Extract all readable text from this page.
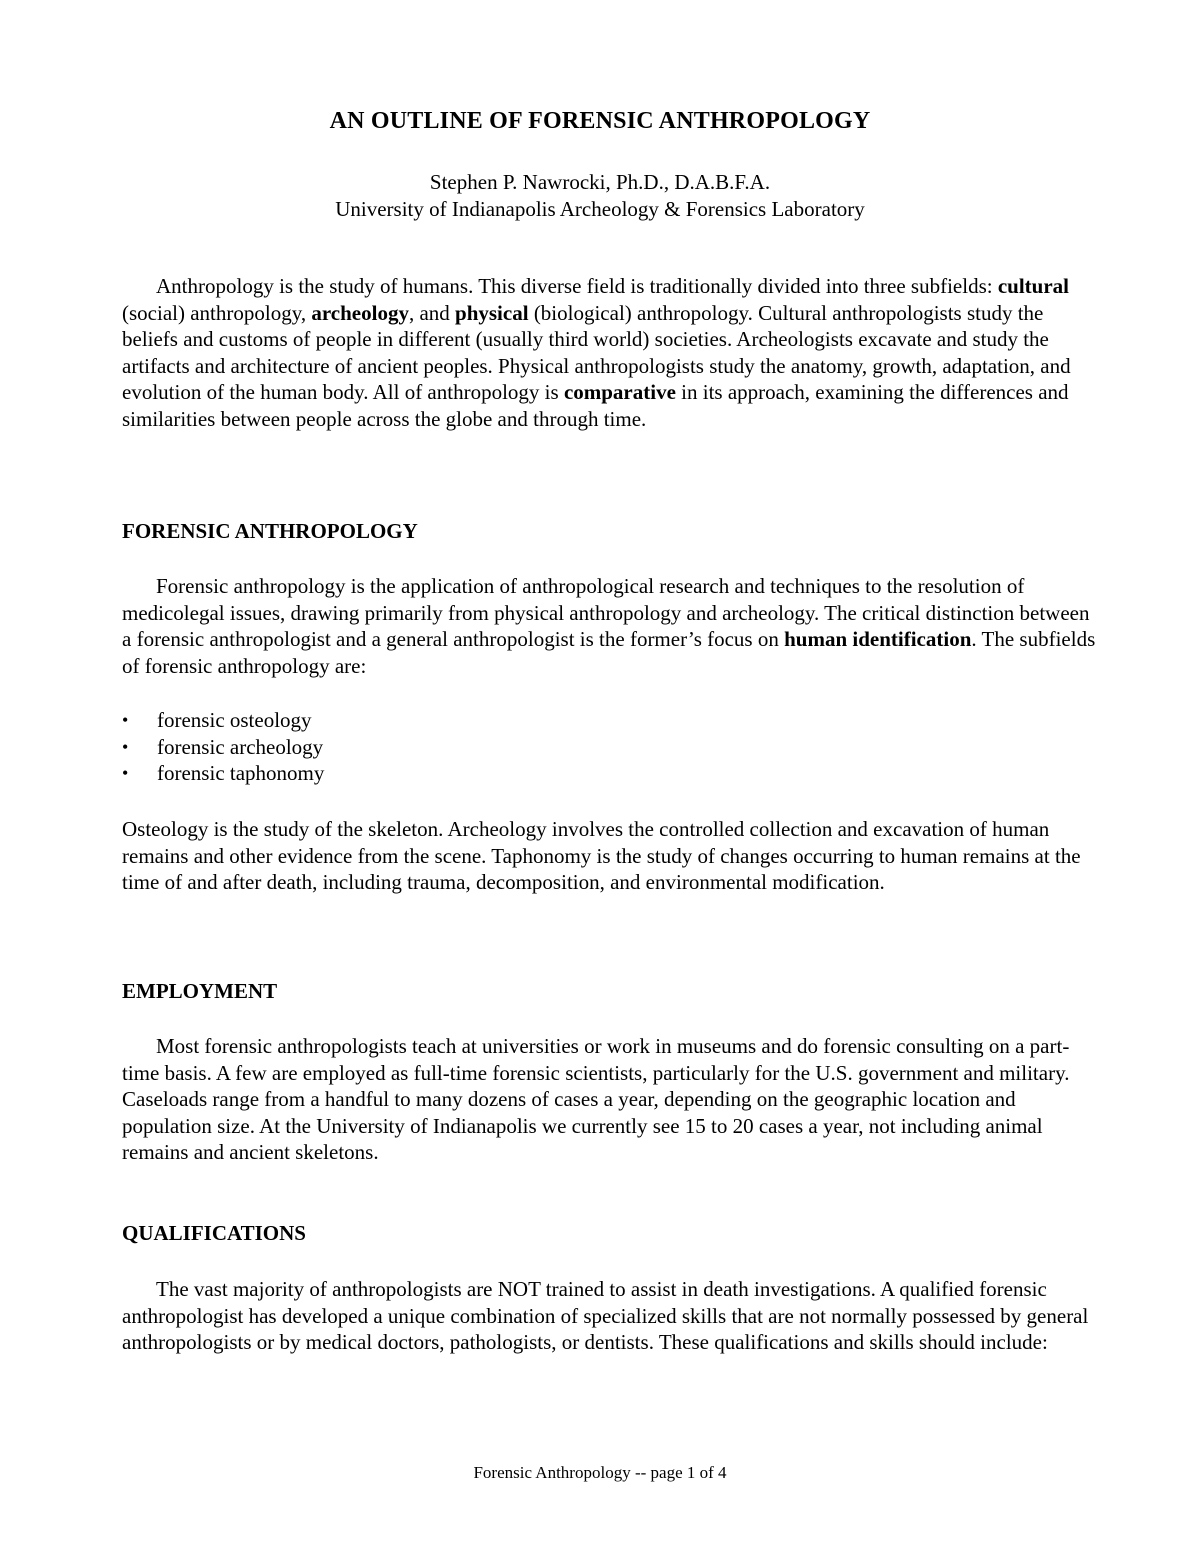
AN OUTLINE OF FORENSIC ANTHROPOLOGY
Stephen P. Nawrocki, Ph.D., D.A.B.F.A.
University of Indianapolis Archeology & Forensics Laboratory

Anthropology is the study of humans. This diverse field is traditionally divided into three subfields: cultural (social) anthropology, archeology, and physical (biological) anthropology. Cultural anthropologists study the beliefs and customs of people in different (usually third world) societies. Archeologists excavate and study the artifacts and architecture of ancient peoples. Physical anthropologists study the anatomy, growth, adaptation, and evolution of the human body. All of anthropology is comparative in its approach, examining the differences and similarities between people across the globe and through time.

FORENSIC ANTHROPOLOGY

Forensic anthropology is the application of anthropological research and techniques to the resolution of medicolegal issues, drawing primarily from physical anthropology and archeology. The critical distinction between a forensic anthropologist and a general anthropologist is the former’s focus on human identification. The subfields of forensic anthropology are:

• forensic osteology
• forensic archeology
• forensic taphonomy

Osteology is the study of the skeleton. Archeology involves the controlled collection and excavation of human remains and other evidence from the scene. Taphonomy is the study of changes occurring to human remains at the time of and after death, including trauma, decomposition, and environmental modification.

EMPLOYMENT

Most forensic anthropologists teach at universities or work in museums and do forensic consulting on a part-time basis. A few are employed as full-time forensic scientists, particularly for the U.S. government and military. Caseloads range from a handful to many dozens of cases a year, depending on the geographic location and population size. At the University of Indianapolis we currently see 15 to 20 cases a year, not including animal remains and ancient skeletons.

QUALIFICATIONS

The vast majority of anthropologists are NOT trained to assist in death investigations. A qualified forensic anthropologist has developed a unique combination of specialized skills that are not normally possessed by general anthropologists or by medical doctors, pathologists, or dentists. These qualifications and skills should include:

Forensic Anthropology -- page 1 of 4
